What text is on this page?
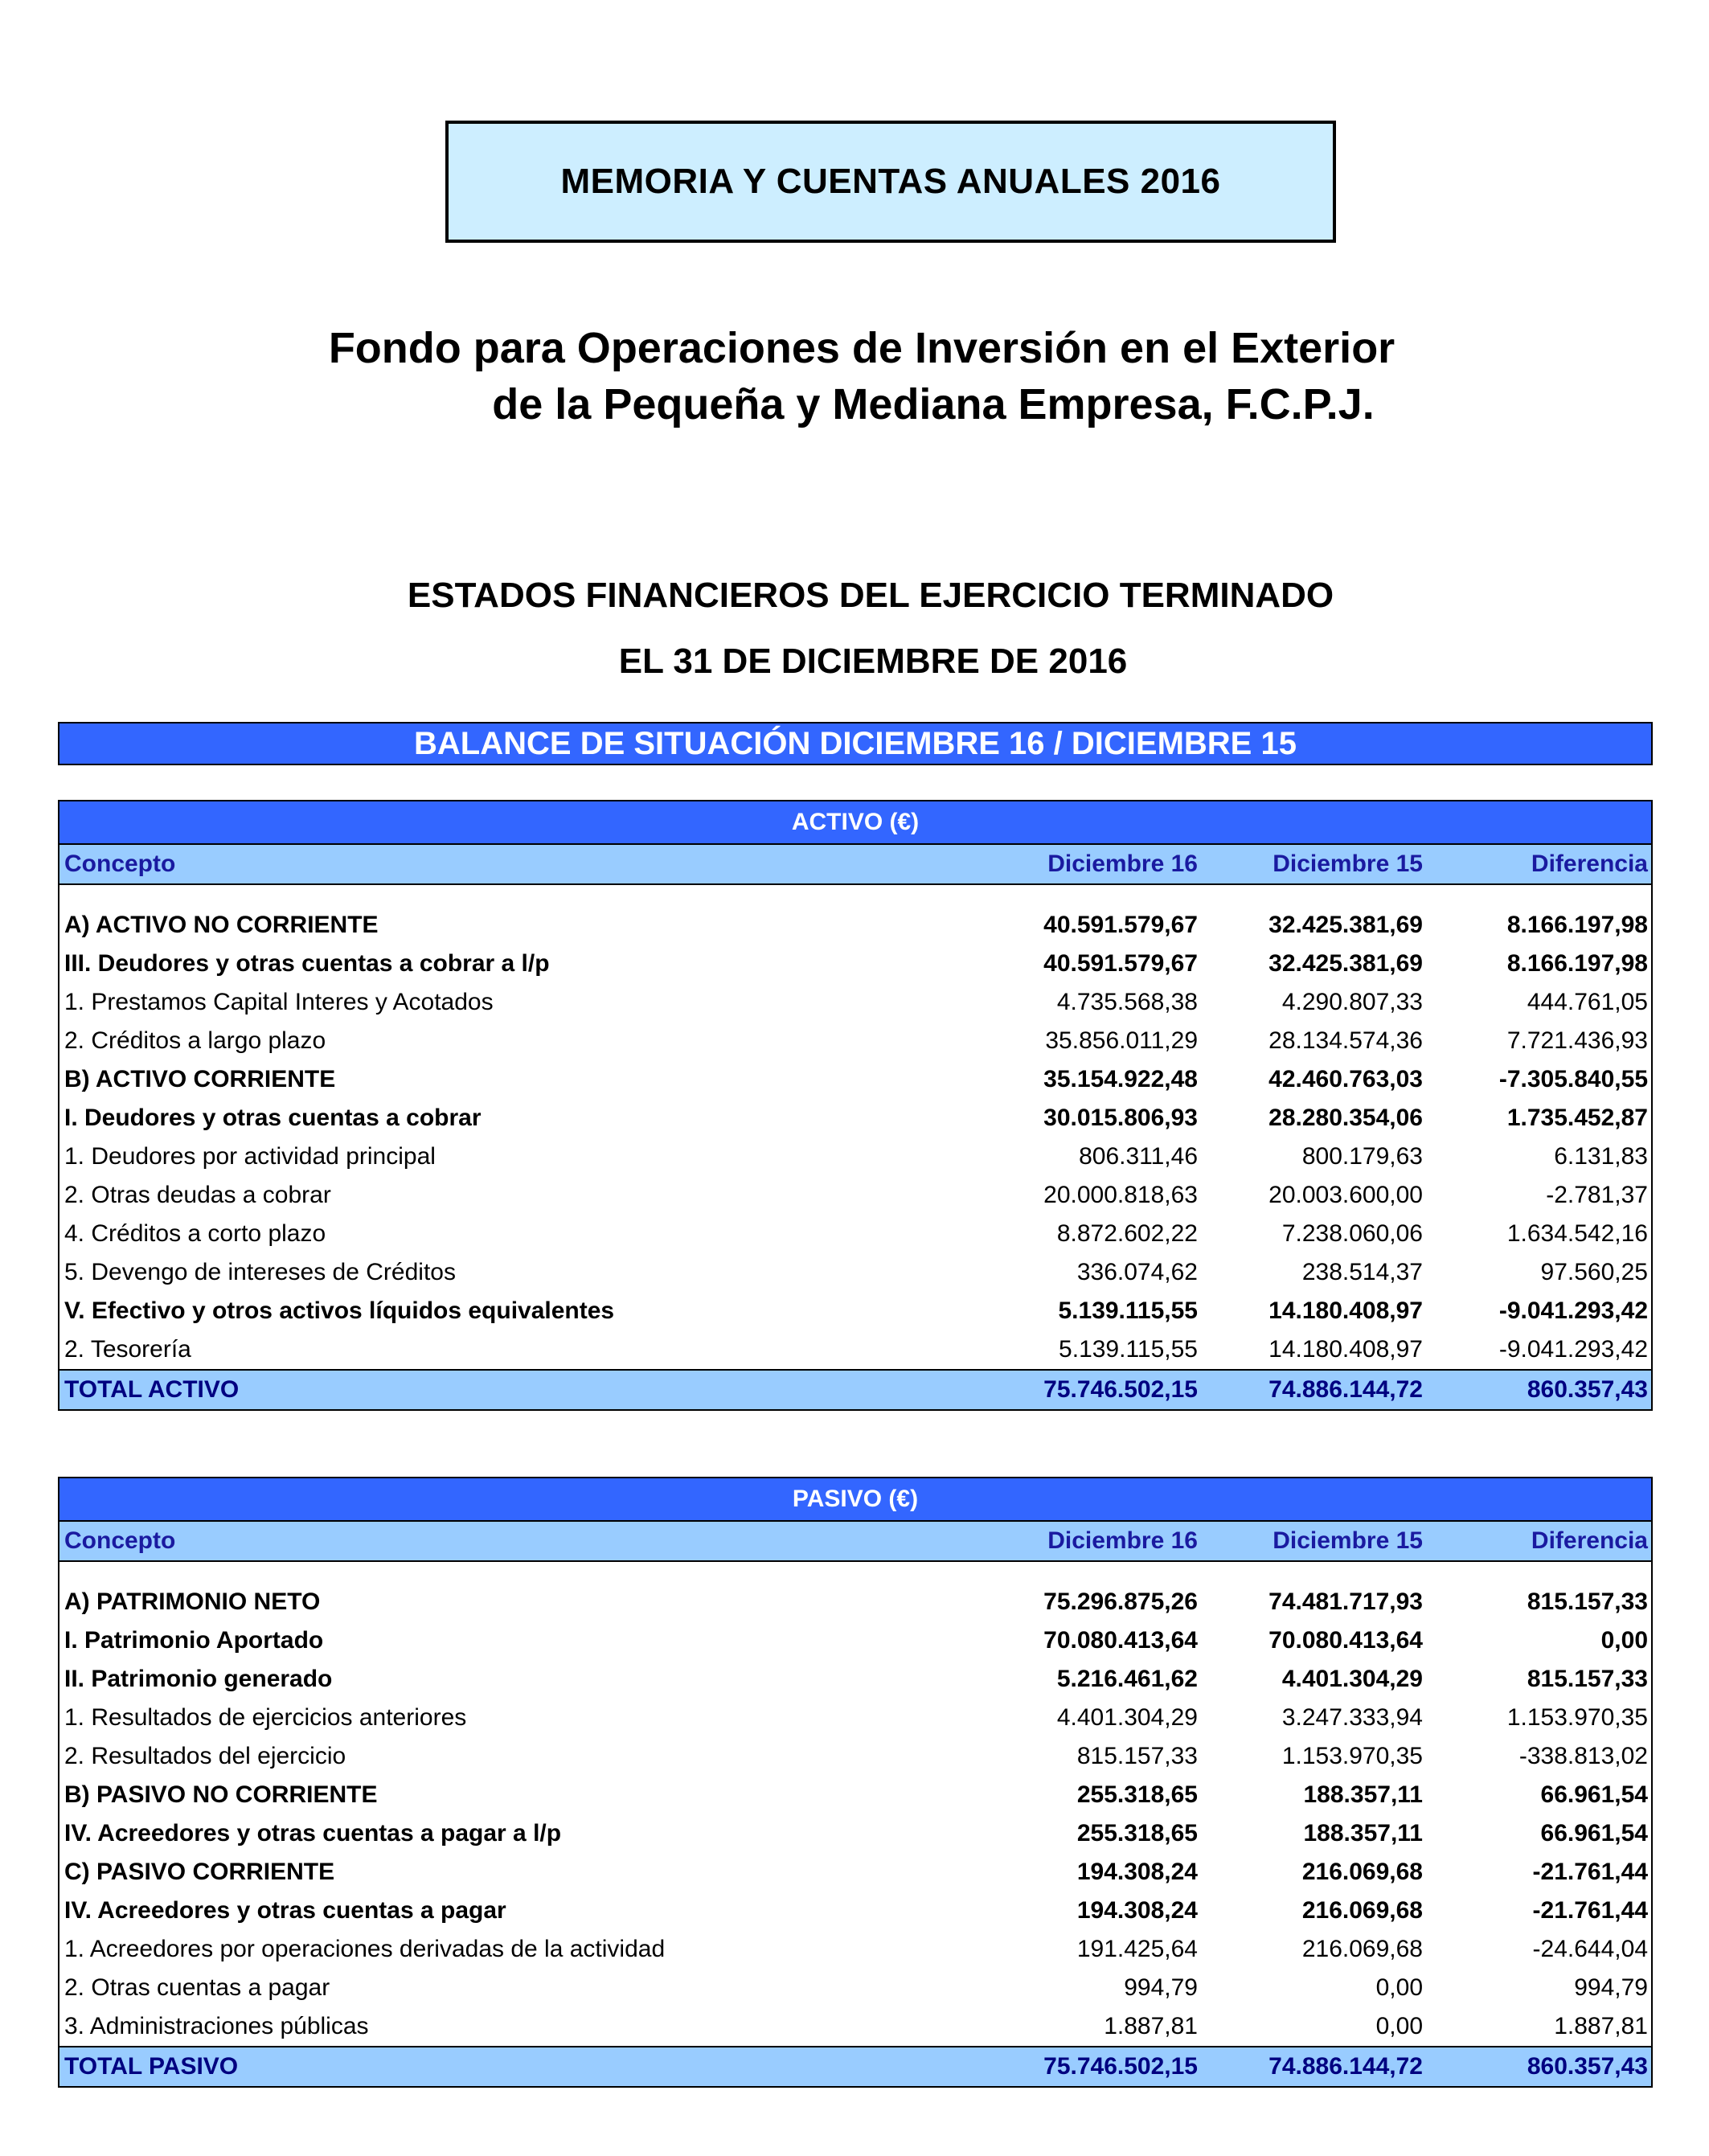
MEMORIA Y CUENTAS ANUALES 2016
Fondo para Operaciones de Inversión en el Exterior
de la Pequeña y Mediana Empresa, F.C.P.J.
ESTADOS FINANCIEROS DEL EJERCICIO TERMINADO
EL 31 DE DICIEMBRE DE 2016
BALANCE DE SITUACIÓN DICIEMBRE 16 / DICIEMBRE 15
ACTIVO (€)
Concepto	Diciembre 16	Diciembre 15	Diferencia
A) ACTIVO NO CORRIENTE	40.591.579,67	32.425.381,69	8.166.197,98
III. Deudores y otras cuentas a cobrar a l/p	40.591.579,67	32.425.381,69	8.166.197,98
1. Prestamos Capital Interes y Acotados	4.735.568,38	4.290.807,33	444.761,05
2. Créditos a largo plazo	35.856.011,29	28.134.574,36	7.721.436,93
B) ACTIVO CORRIENTE	35.154.922,48	42.460.763,03	-7.305.840,55
I. Deudores y otras cuentas a cobrar	30.015.806,93	28.280.354,06	1.735.452,87
1. Deudores por actividad principal	806.311,46	800.179,63	6.131,83
2. Otras deudas a cobrar	20.000.818,63	20.003.600,00	-2.781,37
4. Créditos a corto plazo	8.872.602,22	7.238.060,06	1.634.542,16
5. Devengo de intereses de Créditos	336.074,62	238.514,37	97.560,25
V. Efectivo y otros activos líquidos equivalentes	5.139.115,55	14.180.408,97	-9.041.293,42
2. Tesorería	5.139.115,55	14.180.408,97	-9.041.293,42
TOTAL ACTIVO	75.746.502,15	74.886.144,72	860.357,43
PASIVO (€)
Concepto	Diciembre 16	Diciembre 15	Diferencia
A) PATRIMONIO NETO	75.296.875,26	74.481.717,93	815.157,33
I. Patrimonio Aportado	70.080.413,64	70.080.413,64	0,00
II. Patrimonio generado	5.216.461,62	4.401.304,29	815.157,33
1. Resultados de ejercicios anteriores	4.401.304,29	3.247.333,94	1.153.970,35
2. Resultados del ejercicio	815.157,33	1.153.970,35	-338.813,02
B) PASIVO NO CORRIENTE	255.318,65	188.357,11	66.961,54
IV. Acreedores y otras cuentas a pagar a l/p	255.318,65	188.357,11	66.961,54
C) PASIVO CORRIENTE	194.308,24	216.069,68	-21.761,44
IV. Acreedores y otras cuentas a pagar	194.308,24	216.069,68	-21.761,44
1. Acreedores por operaciones derivadas de la actividad	191.425,64	216.069,68	-24.644,04
2. Otras cuentas a pagar	994,79	0,00	994,79
3. Administraciones públicas	1.887,81	0,00	1.887,81
TOTAL PASIVO	75.746.502,15	74.886.144,72	860.357,43
